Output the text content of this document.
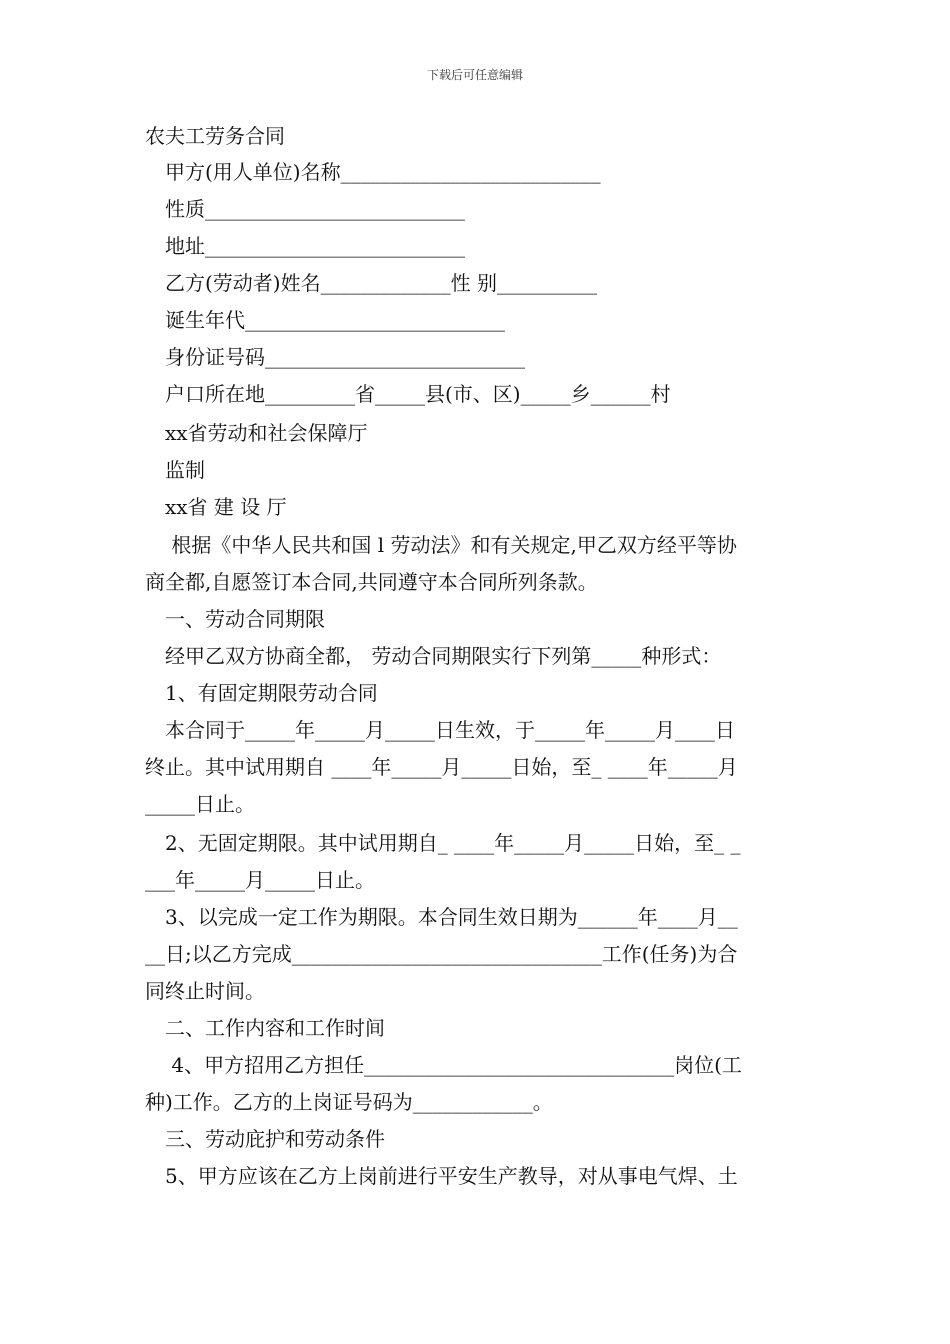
下载后可任意编辑
农夫工劳务合同
甲方(用人单位)名称__________________________
性质__________________________
地址__________________________
乙方(劳动者)姓名_____________性 别__________
诞生年代__________________________
身份证号码__________________________
户口所在地_________省_____县(市、区)_____乡______村
xx省劳动和社会保障厅
监制
xx省 建 设 厅
根据《中华人民共和国 l 劳动法》和有关规定,甲乙双方经平等协
商全都,自愿签订本合同,共同遵守本合同所列条款。
一、劳动合同期限
经甲乙双方协商全都， 劳动合同期限实行下列第_____种形式：
1、有固定期限劳动合同
本合同于_____年_____月_____日生效，于_____年_____月____日
终止。其中试用期自 ____年_____月_____日始，至_ ____年_____月
_____日止。
2、无固定期限。其中试用期自_ ____年_____月_____日始，至_ _
___年_____月_____日止。
3、以完成一定工作为期限。本合同生效日期为______年____月__
__日;以乙方完成_______________________________工作(任务)为合
同终止时间。
二、工作内容和工作时间
4、甲方招用乙方担任_______________________________岗位(工
种)工作。乙方的上岗证号码为____________。
三、劳动庇护和劳动条件
5、甲方应该在乙方上岗前进行平安生产教导，对从事电气焊、土
